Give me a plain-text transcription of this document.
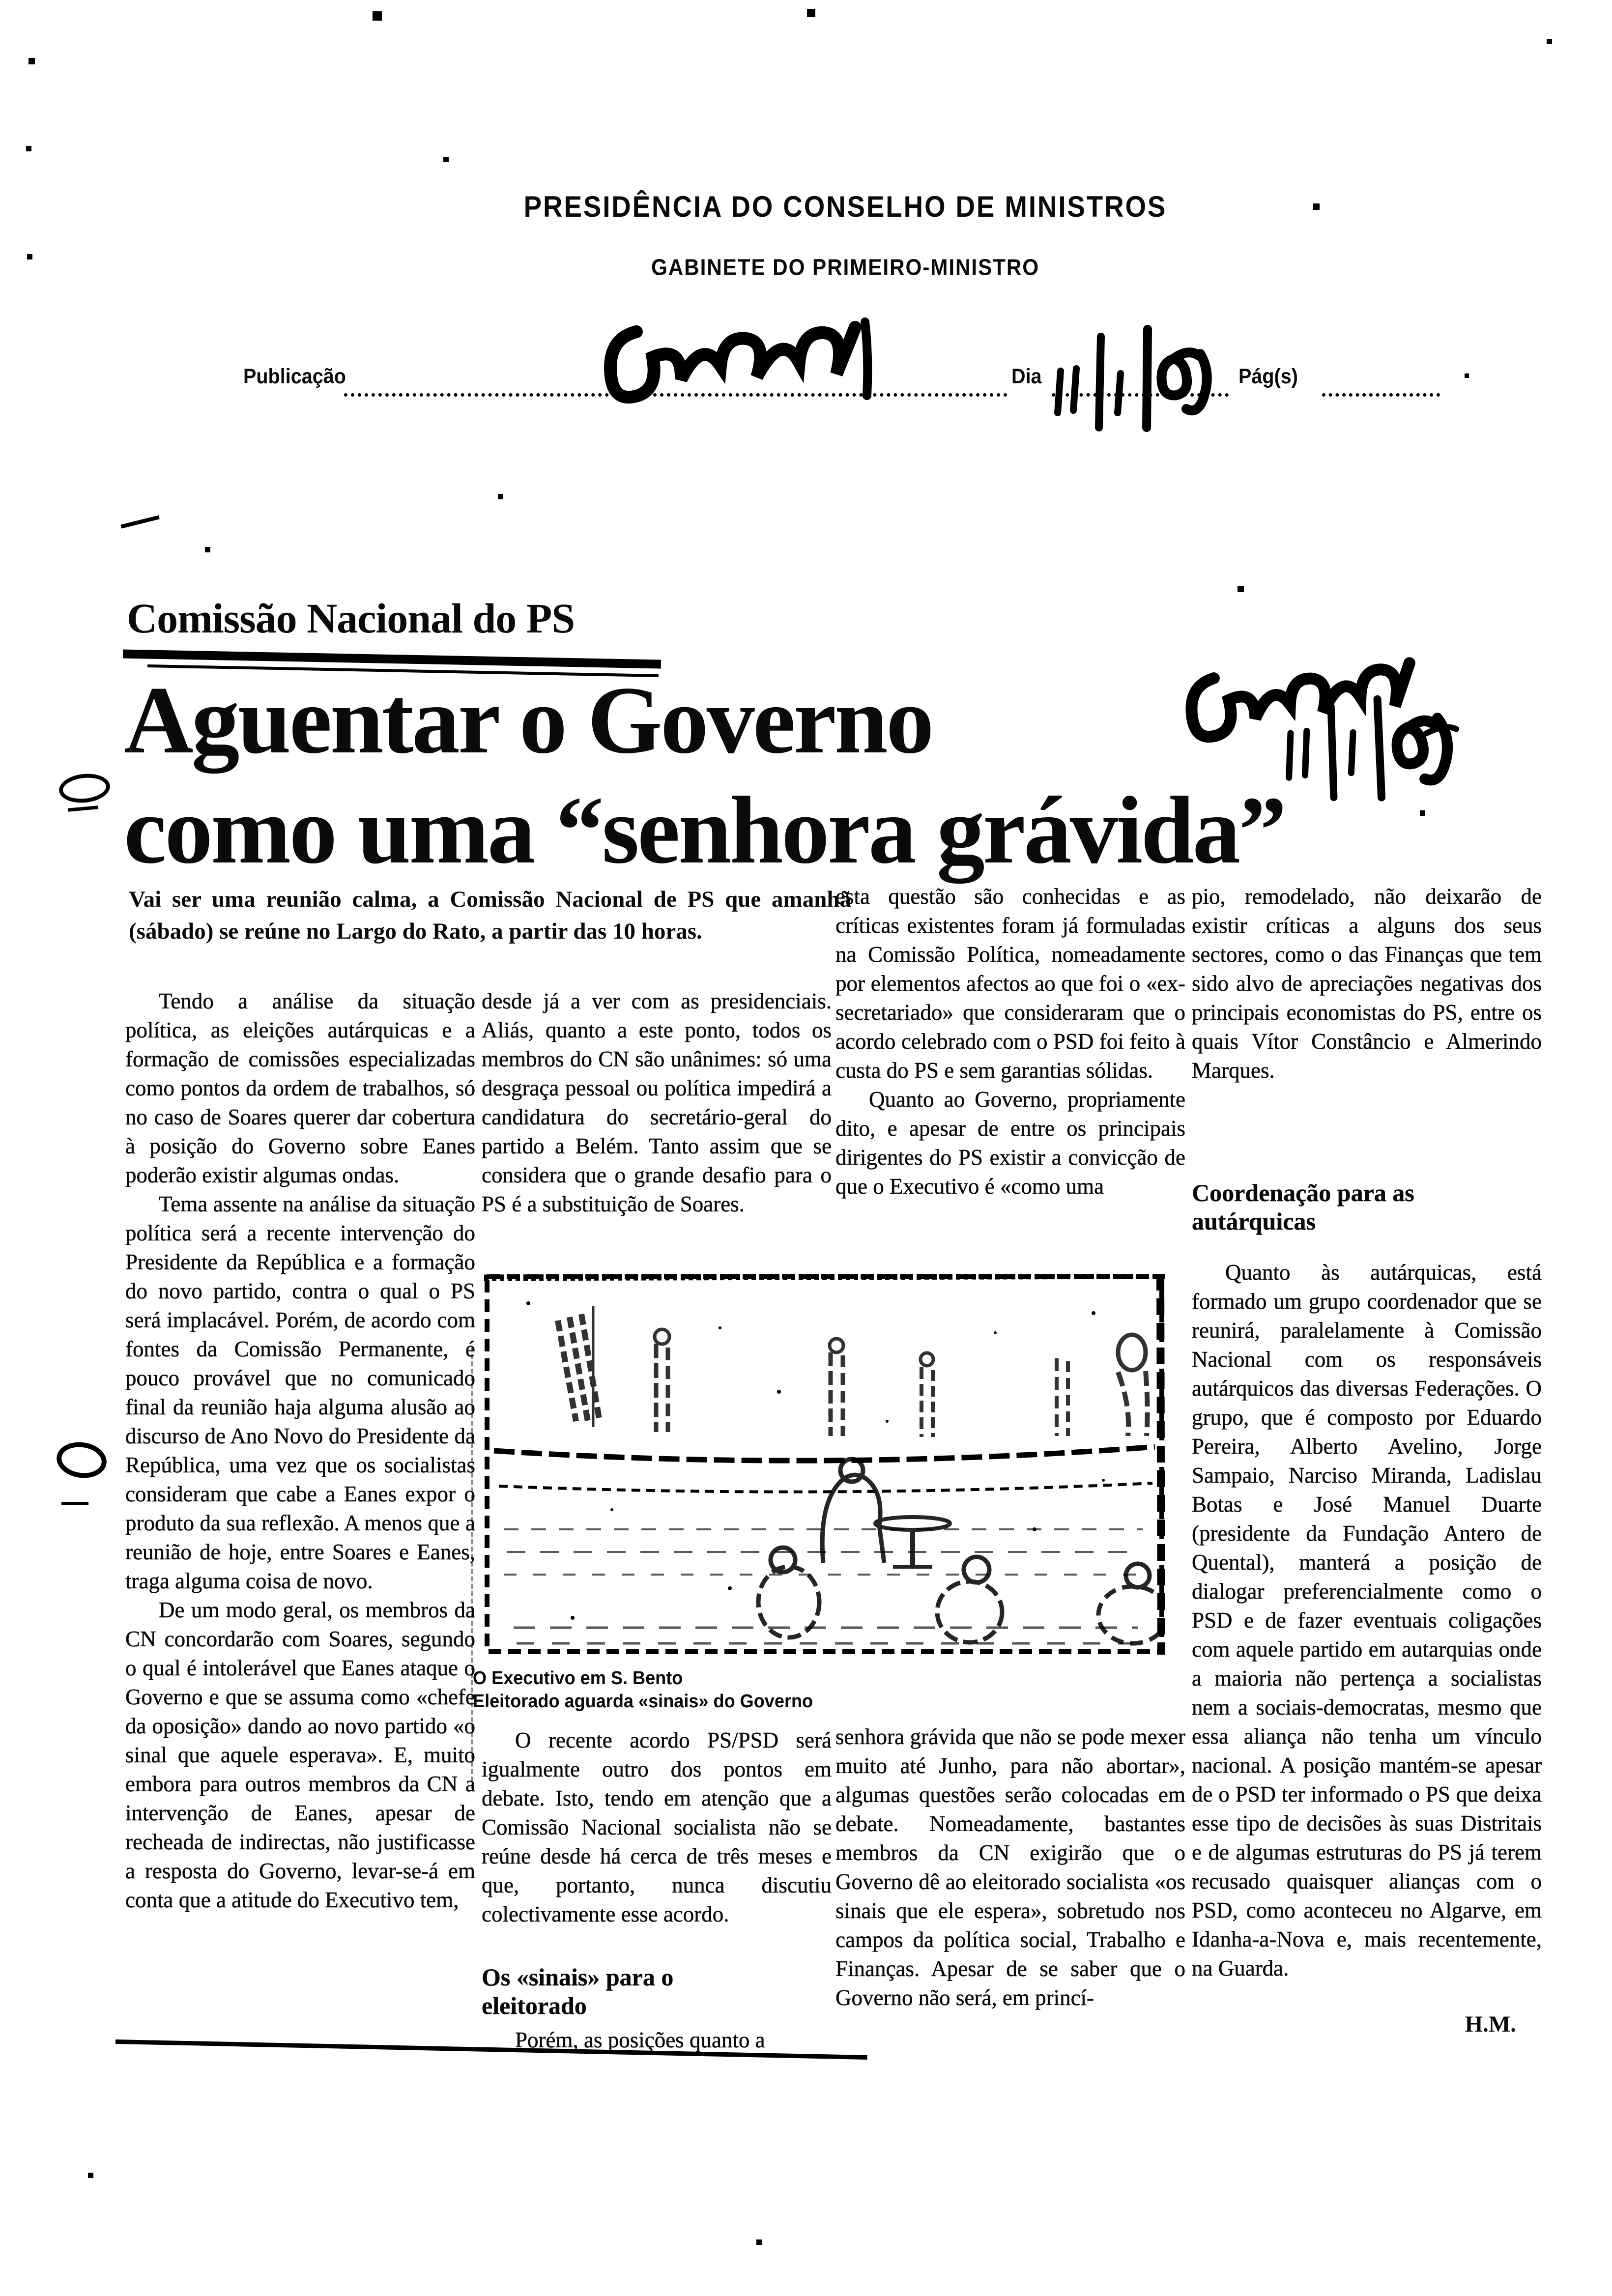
PRESIDÊNCIA DO CONSELHO DE MINISTROS
GABINETE DO PRIMEIRO-MINISTRO
Publicação	Dia	Pág(s)
Comissão Nacional do PS
Aguentar o Governo
como uma “senhora grávida”
Vai ser uma reunião calma, a Comissão Nacional de PS que amanhã (sábado) se reúne no Largo do Rato, a partir das 10 horas.

Tendo a análise da situação política, as eleições autárquicas e a formação de comissões especializadas como pontos da ordem de trabalhos, só no caso de Soares querer dar cobertura à posição do Governo sobre Eanes poderão existir algumas ondas.

Tema assente na análise da situação política será a recente intervenção do Presidente da República e a formação do novo partido, contra o qual o PS será implacável. Porém, de acordo com fontes da Comissão Permanente, é pouco provável que no comunicado final da reunião haja alguma alusão ao discurso de Ano Novo do Presidente da República, uma vez que os socialistas consideram que cabe a Eanes expor o produto da sua reflexão. A menos que a reunião de hoje, entre Soares e Eanes, traga alguma coisa de novo.

De um modo geral, os membros da CN concordarão com Soares, segundo o qual é intolerável que Eanes ataque o Governo e que se assuma como «chefe da oposição» dando ao novo partido «o sinal que aquele esperava». E, muito embora para outros membros da CN a intervenção de Eanes, apesar de recheada de indirectas, não justificasse a resposta do Governo, levar-se-á em conta que a atitude do Executivo tem,

desde já a ver com as presidenciais. Aliás, quanto a este ponto, todos os membros do CN são unânimes: só uma desgraça pessoal ou política impedirá a candidatura do secretário-geral do partido a Belém. Tanto assim que se considera que o grande desafio para o PS é a substituição de Soares.

esta questão são conhecidas e as críticas existentes foram já formuladas na Comissão Política, nomeadamente por elementos afectos ao que foi o «ex-secretariado» que consideraram que o acordo celebrado com o PSD foi feito à custa do PS e sem garantias sólidas.

Quanto ao Governo, propriamente dito, e apesar de entre os principais dirigentes do PS existir a convicção de que o Executivo é «como uma

pio, remodelado, não deixarão de existir críticas a alguns dos seus sectores, como o das Finanças que tem sido alvo de apreciações negativas dos principais economistas do PS, entre os quais Vítor Constâncio e Almerindo Marques.

Coordenação para as autárquicas

Quanto às autárquicas, está formado um grupo coordenador que se reunirá, paralelamente à Comissão Nacional com os responsáveis autárquicos das diversas Federações. O grupo, que é composto por Eduardo Pereira, Alberto Avelino, Jorge Sampaio, Narciso Miranda, Ladislau Botas e José Manuel Duarte (presidente da Fundação Antero de Quental), manterá a posição de dialogar preferencialmente como o PSD e de fazer eventuais coligações com aquele partido em autarquias onde a maioria não pertença a socialistas nem a sociais-democratas, mesmo que essa aliança não tenha um vínculo nacional. A posição mantém-se apesar de o PSD ter informado o PS que deixa esse tipo de decisões às suas Distritais e de algumas estruturas do PS já terem recusado quaisquer alianças com o PSD, como aconteceu no Algarve, em Idanha-a-Nova e, mais recentemente, na Guarda.

H.M.
O Executivo em S. Bento
Eleitorado aguarda «sinais» do Governo

O recente acordo PS/PSD será igualmente outro dos pontos em debate. Isto, tendo em atenção que a Comissão Nacional socialista não se reúne desde há cerca de três meses e que, portanto, nunca discutiu colectivamente esse acordo.

Os «sinais» para o eleitorado

Porém, as posições quanto a

senhora grávida que não se pode mexer muito até Junho, para não abortar», algumas questões serão colocadas em debate. Nomeadamente, bastantes membros da CN exigirão que o Governo dê ao eleitorado socialista «os sinais que ele espera», sobretudo nos campos da política social, Trabalho e Finanças. Apesar de se saber que o Governo não será, em princí-
